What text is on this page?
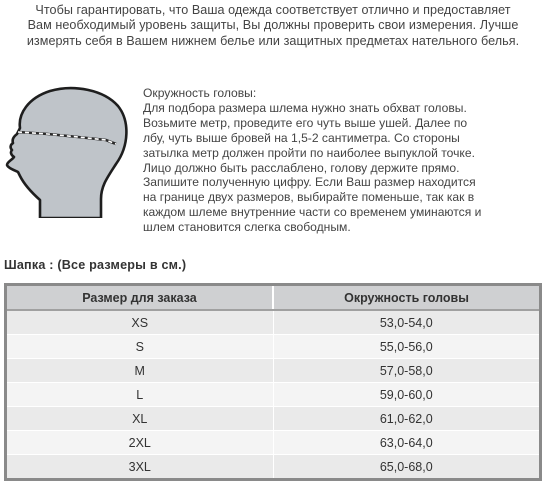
Чтобы гарантировать, что Ваша одежда соответствует отлично и предоставляет
Вам необходимый уровень защиты, Вы должны проверить свои измерения. Лучше
измерять себя в Вашем нижнем белье или защитных предметах нательного белья.
Окружность головы:
Для подбора размера шлема нужно знать обхват головы.
Возьмите метр, проведите его чуть выше ушей. Далее по
лбу, чуть выше бровей на 1,5-2 сантиметра. Со стороны
затылка метр должен пройти по наиболее выпуклой точке.
Лицо должно быть расслаблено, голову держите прямо.
Запишите полученную цифру. Если Ваш размер находится
на границе двух размеров, выбирайте поменьше, так как в
каждом шлеме внутренние части со временем уминаются и
шлем становится слегка свободным.
Шапка : (Все размеры в см.)
Размер для заказа	Окружность головы
XS	53,0-54,0
S	55,0-56,0
M	57,0-58,0
L	59,0-60,0
XL	61,0-62,0
2XL	63,0-64,0
3XL	65,0-68,0
